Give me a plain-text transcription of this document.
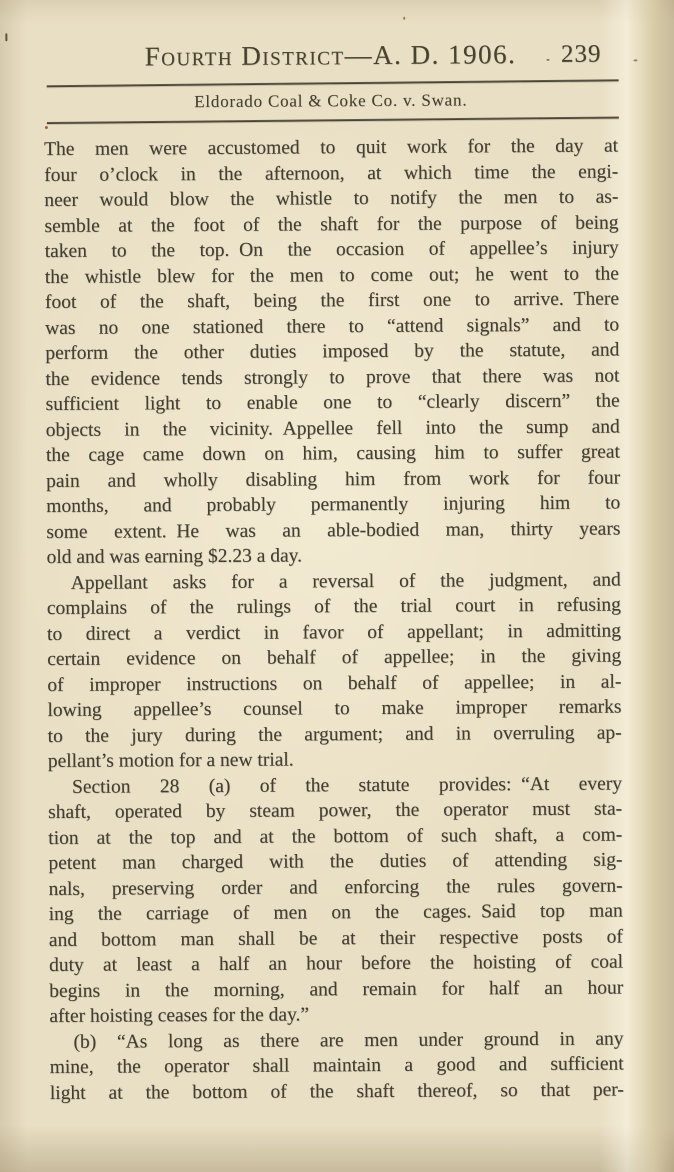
Fourth District—A. D. 1906.	239
Eldorado Coal & Coke Co. v. Swan.
The men were accustomed to quit work for the day at
four o’clock in the afternoon, at which time the engi-
neer would blow the whistle to notify the men to as-
semble at the foot of the shaft for the purpose of being
taken to the top. On the occasion of appellee’s injury
the whistle blew for the men to come out; he went to the
foot of the shaft, being the first one to arrive. There
was no one stationed there to “attend signals” and to
perform the other duties imposed by the statute, and
the evidence tends strongly to prove that there was not
sufficient light to enable one to “clearly discern” the
objects in the vicinity. Appellee fell into the sump and
the cage came down on him, causing him to suffer great
pain and wholly disabling him from work for four
months, and probably permanently injuring him to
some extent. He was an able-bodied man, thirty years
old and was earning $2.23 a day.
Appellant asks for a reversal of the judgment, and
complains of the rulings of the trial court in refusing
to direct a verdict in favor of appellant; in admitting
certain evidence on behalf of appellee; in the giving
of improper instructions on behalf of appellee; in al-
lowing appellee’s counsel to make improper remarks
to the jury during the argument; and in overruling ap-
pellant’s motion for a new trial.
Section 28 (a) of the statute provides: “At every
shaft, operated by steam power, the operator must sta-
tion at the top and at the bottom of such shaft, a com-
petent man charged with the duties of attending sig-
nals, preserving order and enforcing the rules govern-
ing the carriage of men on the cages. Said top man
and bottom man shall be at their respective posts of
duty at least a half an hour before the hoisting of coal
begins in the morning, and remain for half an hour
after hoisting ceases for the day.”
(b) “As long as there are men under ground in any
mine, the operator shall maintain a good and sufficient
light at the bottom of the shaft thereof, so that per-
